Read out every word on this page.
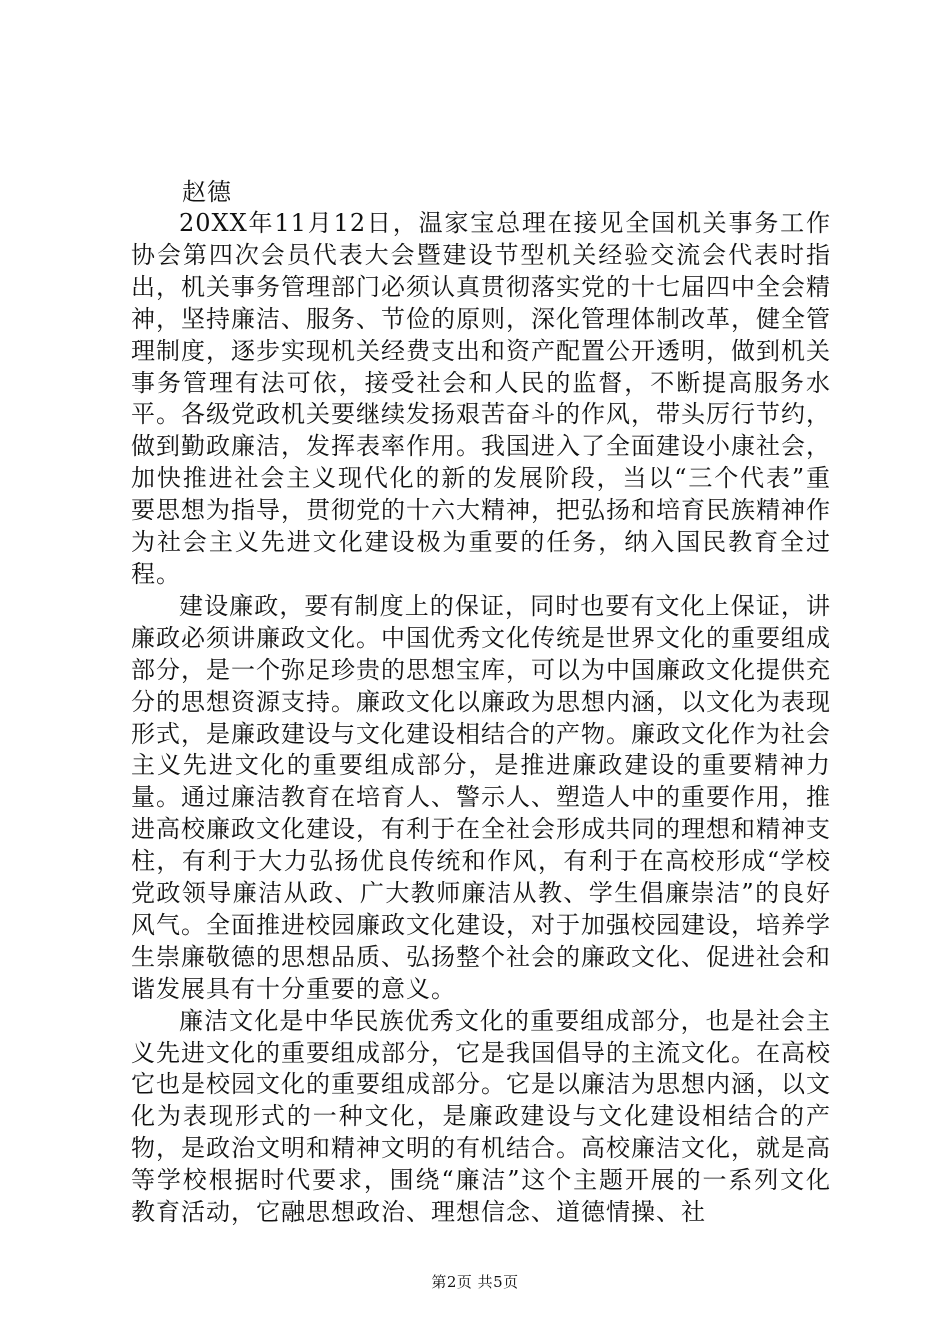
赵德

20XX年11月12日，温家宝总理在接见全国机关事务工作协会第四次会员代表大会暨建设节型机关经验交流会代表时指出，机关事务管理部门必须认真贯彻落实党的十七届四中全会精神，坚持廉洁、服务、节俭的原则，深化管理体制改革，健全管理制度，逐步实现机关经费支出和资产配置公开透明，做到机关事务管理有法可依，接受社会和人民的监督，不断提高服务水平。各级党政机关要继续发扬艰苦奋斗的作风，带头厉行节约，做到勤政廉洁，发挥表率作用。我国进入了全面建设小康社会，加快推进社会主义现代化的新的发展阶段，当以“三个代表”重要思想为指导，贯彻党的十六大精神，把弘扬和培育民族精神作为社会主义先进文化建设极为重要的任务，纳入国民教育全过程。

建设廉政，要有制度上的保证，同时也要有文化上保证，讲廉政必须讲廉政文化。中国优秀文化传统是世界文化的重要组成部分，是一个弥足珍贵的思想宝库，可以为中国廉政文化提供充分的思想资源支持。廉政文化以廉政为思想内涵，以文化为表现形式，是廉政建设与文化建设相结合的产物。廉政文化作为社会主义先进文化的重要组成部分，是推进廉政建设的重要精神力量。通过廉洁教育在培育人、警示人、塑造人中的重要作用，推进高校廉政文化建设，有利于在全社会形成共同的理想和精神支柱，有利于大力弘扬优良传统和作风，有利于在高校形成“学校党政领导廉洁从政、广大教师廉洁从教、学生倡廉崇洁”的良好风气。全面推进校园廉政文化建设，对于加强校园建设，培养学生崇廉敬德的思想品质、弘扬整个社会的廉政文化、促进社会和谐发展具有十分重要的意义。

廉洁文化是中华民族优秀文化的重要组成部分，也是社会主义先进文化的重要组成部分，它是我国倡导的主流文化。在高校它也是校园文化的重要组成部分。它是以廉洁为思想内涵，以文化为表现形式的一种文化，是廉政建设与文化建设相结合的产物，是政治文明和精神文明的有机结合。高校廉洁文化，就是高等学校根据时代要求，围绕“廉洁”这个主题开展的一系列文化教育活动，它融思想政治、理想信念、道德情操、社

第2页 共5页
